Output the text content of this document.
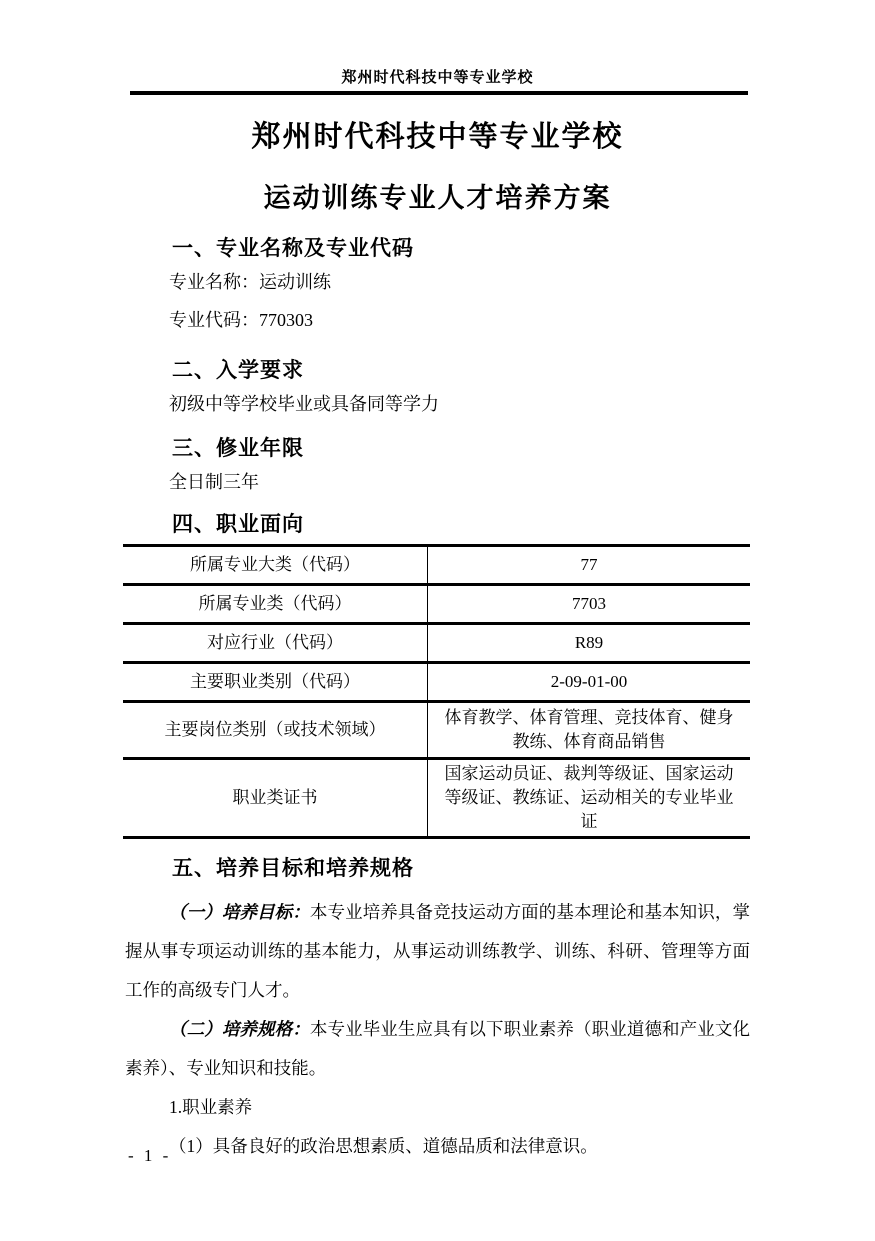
郑州时代科技中等专业学校
郑州时代科技中等专业学校
运动训练专业人才培养方案
一、专业名称及专业代码
专业名称：运动训练
专业代码：770303
二、入学要求
初级中等学校毕业或具备同等学力
三、修业年限
全日制三年
四、职业面向
所属专业大类（代码）	77
所属专业类（代码）	7703
对应行业（代码）	R89
主要职业类别（代码）	2-09-01-00
主要岗位类别（或技术领域）	体育教学、体育管理、竞技体育、健身教练、体育商品销售
职业类证书	国家运动员证、裁判等级证、国家运动等级证、教练证、运动相关的专业毕业证
五、培养目标和培养规格
（一）培养目标：本专业培养具备竞技运动方面的基本理论和基本知识，掌握从事专项运动训练的基本能力，从事运动训练教学、训练、科研、管理等方面工作的高级专门人才。
（二）培养规格：本专业毕业生应具有以下职业素养（职业道德和产业文化素养）、专业知识和技能。
1.职业素养
（1）具备良好的政治思想素质、道德品质和法律意识。
- 1 -
